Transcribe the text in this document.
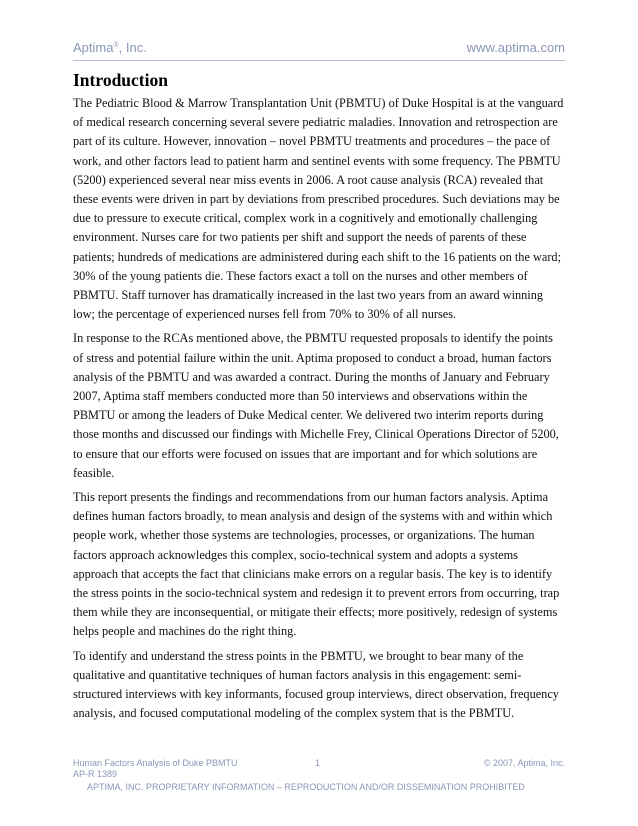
Aptima®, Inc.	www.aptima.com
Introduction

The Pediatric Blood & Marrow Transplantation Unit (PBMTU) of Duke Hospital is at the vanguard of medical research concerning several severe pediatric maladies. Innovation and retrospection are part of its culture. However, innovation – novel PBMTU treatments and procedures – the pace of work, and other factors lead to patient harm and sentinel events with some frequency. The PBMTU (5200) experienced several near miss events in 2006. A root cause analysis (RCA) revealed that these events were driven in part by deviations from prescribed procedures. Such deviations may be due to pressure to execute critical, complex work in a cognitively and emotionally challenging environment. Nurses care for two patients per shift and support the needs of parents of these patients; hundreds of medications are administered during each shift to the 16 patients on the ward; 30% of the young patients die. These factors exact a toll on the nurses and other members of PBMTU. Staff turnover has dramatically increased in the last two years from an award winning low; the percentage of experienced nurses fell from 70% to 30% of all nurses.

In response to the RCAs mentioned above, the PBMTU requested proposals to identify the points of stress and potential failure within the unit. Aptima proposed to conduct a broad, human factors analysis of the PBMTU and was awarded a contract. During the months of January and February 2007, Aptima staff members conducted more than 50 interviews and observations within the PBMTU or among the leaders of Duke Medical center. We delivered two interim reports during those months and discussed our findings with Michelle Frey, Clinical Operations Director of 5200, to ensure that our efforts were focused on issues that are important and for which solutions are feasible.

This report presents the findings and recommendations from our human factors analysis. Aptima defines human factors broadly, to mean analysis and design of the systems with and within which people work, whether those systems are technologies, processes, or organizations. The human factors approach acknowledges this complex, socio-technical system and adopts a systems approach that accepts the fact that clinicians make errors on a regular basis. The key is to identify the stress points in the socio-technical system and redesign it to prevent errors from occurring, trap them while they are inconsequential, or mitigate their effects; more positively, redesign of systems helps people and machines do the right thing.

To identify and understand the stress points in the PBMTU, we brought to bear many of the qualitative and quantitative techniques of human factors analysis in this engagement: semi-structured interviews with key informants, focused group interviews, direct observation, frequency analysis, and focused computational modeling of the complex system that is the PBMTU.

Human Factors Analysis of Duke PBMTU	1	© 2007, Aptima, Inc.
AP-R 1389
APTIMA, INC. PROPRIETARY INFORMATION – REPRODUCTION AND/OR DISSEMINATION PROHIBITED
